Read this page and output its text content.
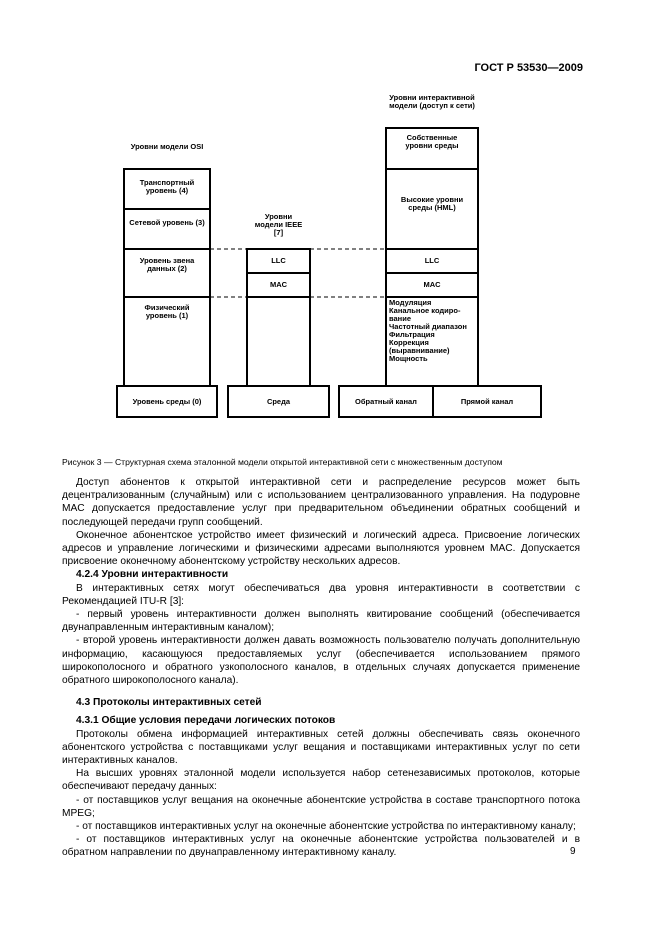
ГОСТ Р 53530—2009
Уровни модели OSI
Транспортный уровень (4)
Сетевой уровень (3)
Уровень звена данных (2)
Физический уровень (1)
Уровень среды (0)
Уровни модели IEEE [7]
LLC
MAC
Среда
Уровни интерактивной модели (доступ к сети)
Собственные уровни среды
Высокие уровни среды (HML)
LLC
MAC
Модуляция
Канальное кодиро-вание
Частотный диапазон
Фильтрация
Коррекция (выравнивание)
Мощность
Обратный канал	Прямой канал
Рисунок 3 — Структурная схема эталонной модели открытой интерактивной сети с множественным доступом

Доступ абонентов к открытой интерактивной сети и распределение ресурсов может быть децентрализованным (случайным) или с использованием централизованного управления. На подуровне MAC допускается предоставление услуг при предварительном объединении обратных сообщений и последующей передачи групп сообщений.

Оконечное абонентское устройство имеет физический и логический адреса. Присвоение логических адресов и управление логическими и физическими адресами выполняются уровнем MAC. Допускается присвоение оконечному абонентскому устройству нескольких адресов.

4.2.4 Уровни интерактивности

В интерактивных сетях могут обеспечиваться два уровня интерактивности в соответствии с Рекомендацией ITU-R [3]:

- первый уровень интерактивности должен выполнять квитирование сообщений (обеспечивается двунаправленным интерактивным каналом);

- второй уровень интерактивности должен давать возможность пользователю получать дополнительную информацию, касающуюся предоставляемых услуг (обеспечивается использованием прямого широкополосного и обратного узкополосного каналов, в отдельных случаях допускается применение обратного широкополосного канала).

4.3 Протоколы интерактивных сетей

4.3.1 Общие условия передачи логических потоков

Протоколы обмена информацией интерактивных сетей должны обеспечивать связь оконечного абонентского устройства с поставщиками услуг вещания и поставщиками интерактивных услуг по сети интерактивных каналов.

На высших уровнях эталонной модели используется набор сетенезависимых протоколов, которые обеспечивают передачу данных:

- от поставщиков услуг вещания на оконечные абонентские устройства в составе транспортного потока MPEG;

- от поставщиков интерактивных услуг на оконечные абонентские устройства по интерактивному каналу;

- от поставщиков интерактивных услуг на оконечные абонентские устройства пользователей и в обратном направлении по двунаправленному интерактивному каналу.	9
